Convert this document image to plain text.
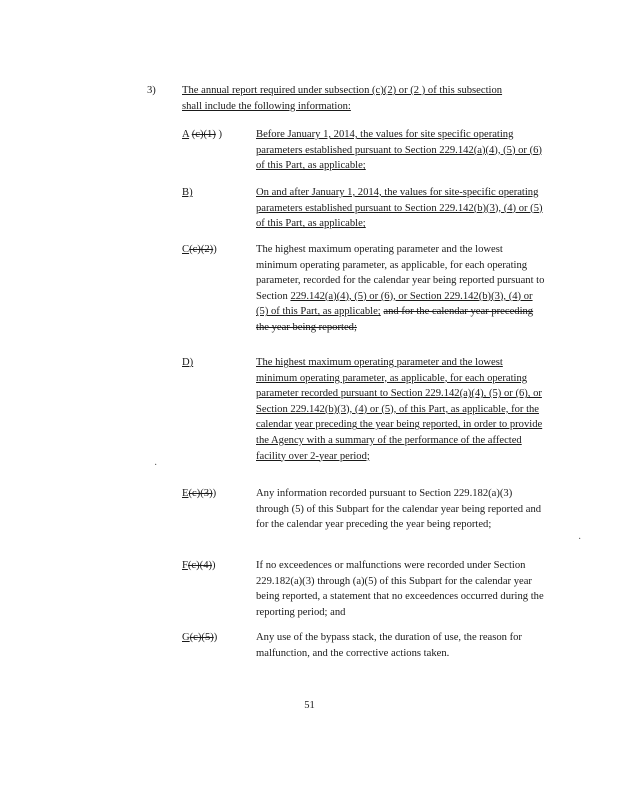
3) The annual report required under subsection (c)(2) or (2 ) of this subsection shall include the following information:
A (c)(1) )	Before January 1, 2014, the values for site specific operating parameters established pursuant to Section 229.142(a)(4), (5) or (6) of this Part, as applicable;
B)	On and after January 1, 2014, the values for site-specific operating parameters established pursuant to Section 229.142(b)(3), (4) or (5) of this Part, as applicable;
C(c)(2))	The highest maximum operating parameter and the lowest minimum operating parameter, as applicable, for each operating parameter, recorded for the calendar year being reported pursuant to Section 229.142(a)(4), (5) or (6), or Section 229.142(b)(3), (4) or (5) of this Part, as applicable; and for the calendar year preceding the year being reported;
D)	The highest maximum operating parameter and the lowest minimum operating parameter, as applicable, for each operating parameter recorded pursuant to Section 229.142(a)(4), (5) or (6), or Section 229.142(b)(3), (4) or (5), of this Part, as applicable, for the calendar year preceding the year being reported, in order to provide the Agency with a summary of the performance of the affected facility over 2-year period;
E(c)(3))	Any information recorded pursuant to Section 229.182(a)(3) through (5) of this Subpart for the calendar year being reported and for the calendar year preceding the year being reported;
F(c)(4))	If no exceedences or malfunctions were recorded under Section 229.182(a)(3) through (a)(5) of this Subpart for the calendar year being reported, a statement that no exceedences occurred during the reporting period; and
G(c)(5))	Any use of the bypass stack, the duration of use, the reason for malfunction, and the corrective actions taken.
·
·
51
